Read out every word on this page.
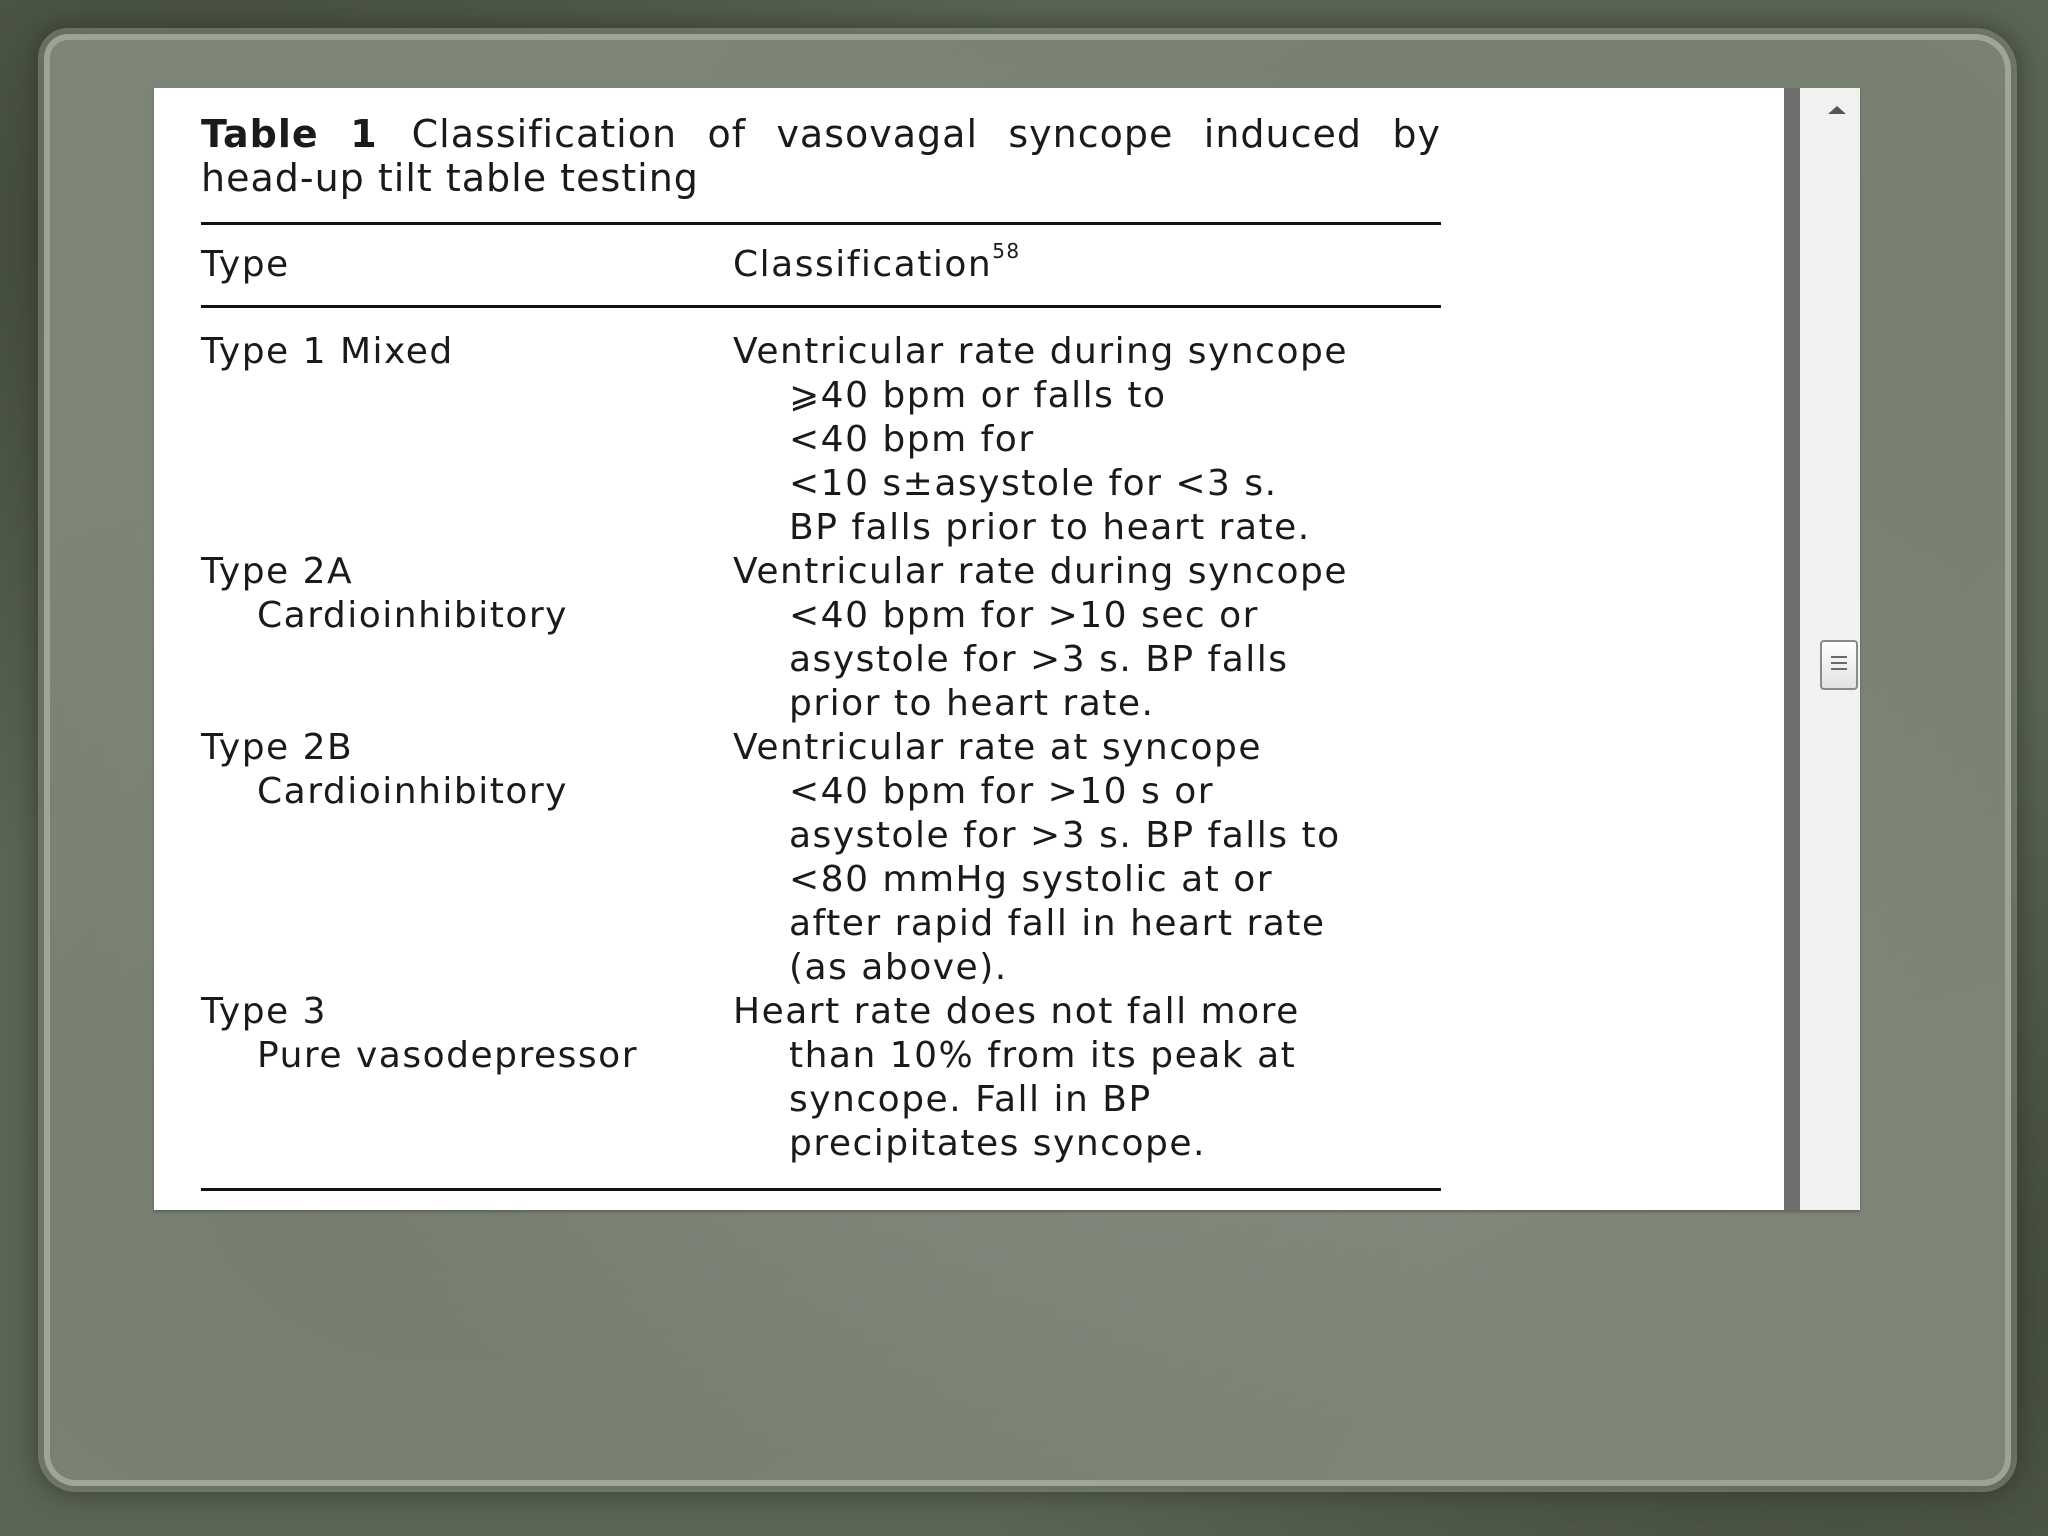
Table 1 Classification of vasovagal syncope induced by head-up tilt table testing
Type	Classification$^{58}$
Type 1 Mixed	Ventricular rate during syncope
⩾40 bpm or falls to
<40 bpm for
<10 s±asystole for <3 s.
BP falls prior to heart rate.
Type 2A
Cardioinhibitory
Ventricular rate during syncope
<40 bpm for >10 sec or
asystole for >3 s. BP falls
prior to heart rate.
Type 2B
Cardioinhibitory
Ventricular rate at syncope
<40 bpm for >10 s or
asystole for >3 s. BP falls to
<80 mmHg systolic at or
after rapid fall in heart rate
(as above).
Type 3
Pure vasodepressor
Heart rate does not fall more
than 10% from its peak at
syncope. Fall in BP
precipitates syncope.
